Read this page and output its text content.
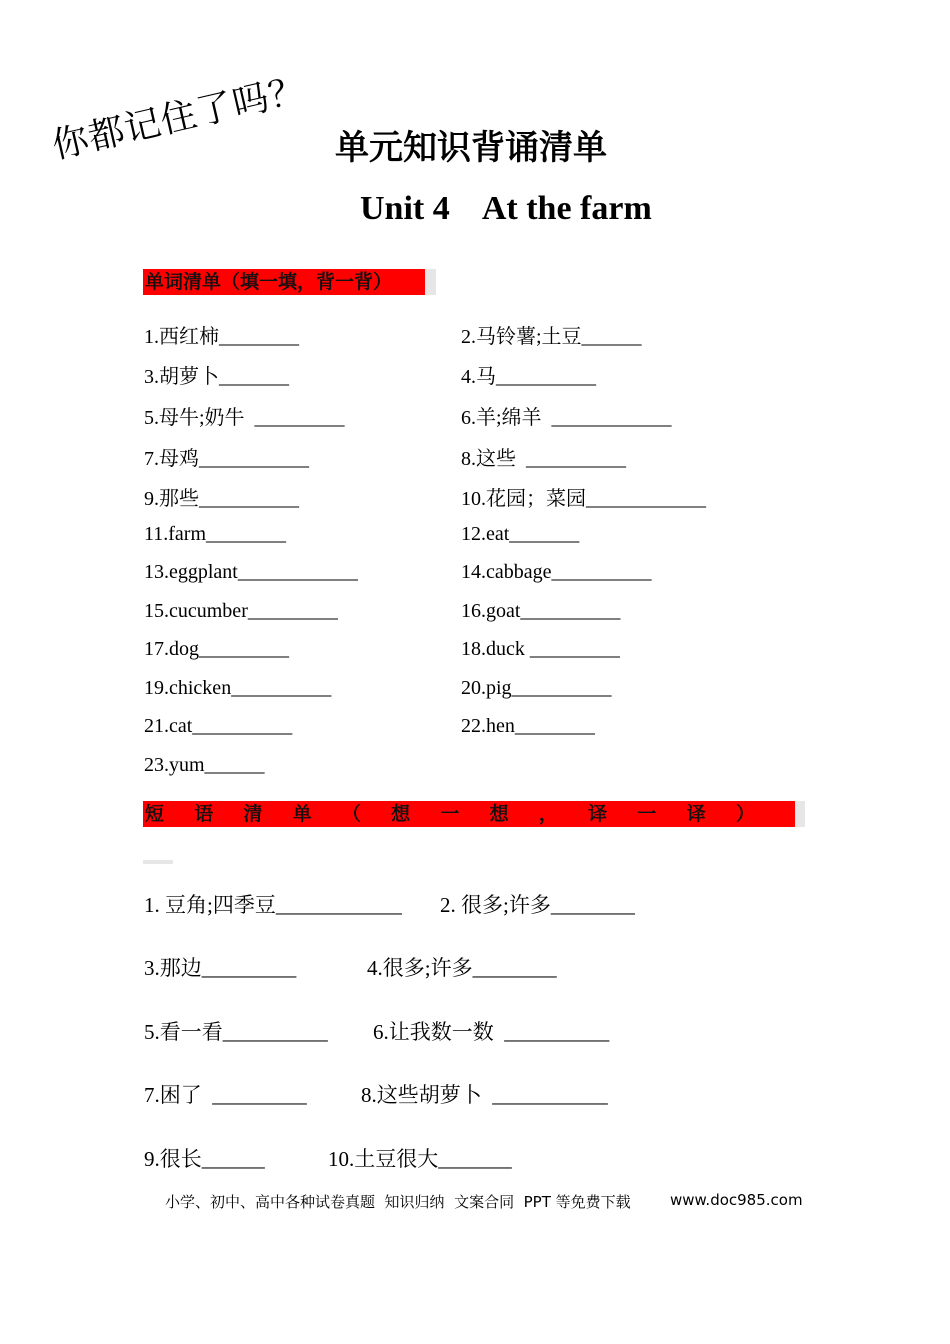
你都记住了吗？ 单元知识背诵清单
Unit 4    At the farm
单词清单（填一填，背一背）
1.西红柿________	2.马铃薯;土豆______
3.胡萝卜_______	4.马__________
5.母牛;奶牛  _________	6.羊;绵羊  ____________
7.母鸡___________	8.这些  __________
9.那些__________	10.花园；菜园____________
11.farm________	12.eat_______
13.eggplant____________	14.cabbage__________
15.cucumber_________	16.goat__________
17.dog_________	18.duck _________
19.chicken__________	20.pig__________
21.cat__________	22.hen________
23.yum______
短 语 清 单 （ 想 一 想 ， 译 一 译 ）
1. 豆角;四季豆____________ 2. 很多;许多________
3.那边_________	4.很多;许多________
5.看一看__________ 6.让我数一数  __________
7.困了  _________	8.这些胡萝卜  ___________
9.很长______	10.土豆很大_______
小学、初中、高中各种试卷真题  知识归纳  文案合同  PPT 等免费下载	www.doc985.com
